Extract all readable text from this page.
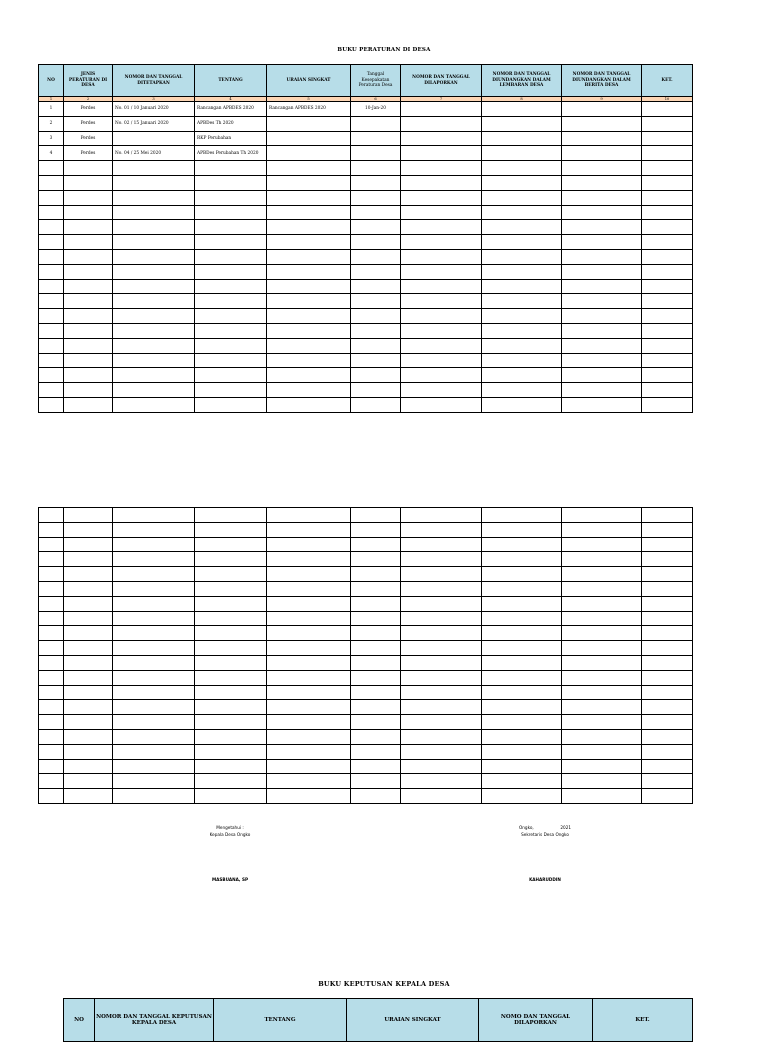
BUKU PERATURAN DI DESA
NO	JENIS PERATURAN DI DESA	NOMOR DAN TANGGAL DITETAPKAN	TENTANG	URAIAN SINGKAT	Tanggal Kesepakatan Peraturan Desa	NOMOR DAN TANGGAL DILAPORKAN	NOMOR DAN TANGGAL DIUNDANGKAN DALAM LEMBARAN DESA	NOMOR DAN TANGGAL DIUNDANGKAN DALAM BERITA DESA	KET.
1	2	3	4	5	6	7	8	9	10
1	Perdes	No. 01 / 10 Januari 2020	Rancangan APBDES 2020	Rancangan APBDES 2020	10-Jan-20				
2	Perdes	No. 02 / 15 Januari 2020	APBDes Th 2020						
3	Perdes		RKP Perubahan						
4	Perdes	No. 04 / 25 Mei 2020	APBDes Perubahan Th 2020						

Mengetahui :
Kepala Desa Ongko
MASBUANA, SP
Ongko,                    2021
Sekretaris Desa Ongko
KAHARUDDIN
BUKU KEPUTUSAN KEPALA DESA
NO	NOMOR DAN TANGGAL KEPUTUSAN KEPALA DESA	TENTANG	URAIAN SINGKAT	NOMO DAN TANGGAL DILAPORKAN	KET.
